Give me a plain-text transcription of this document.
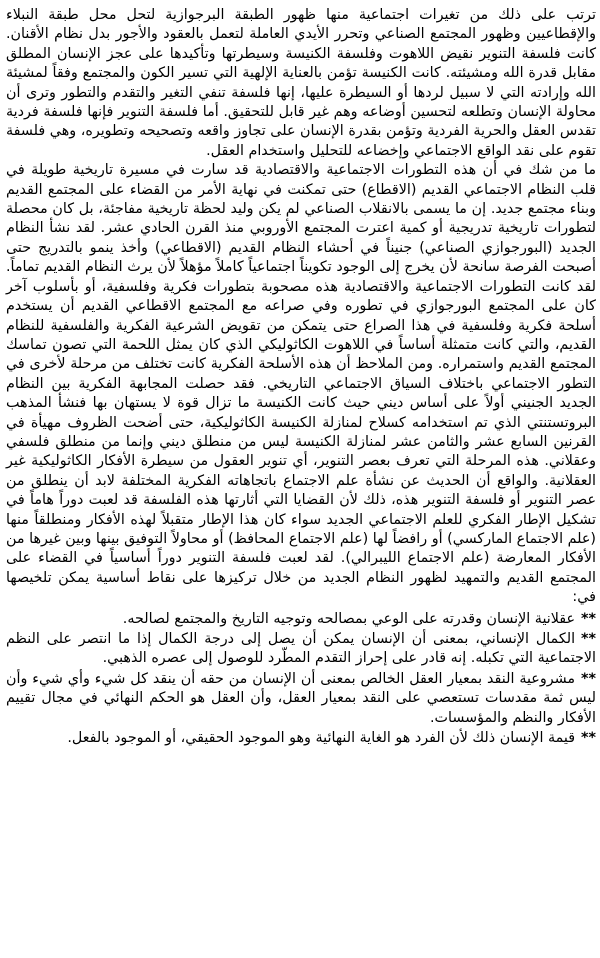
ترتب على ذلك من تغيرات اجتماعية منها ظهور الطبقة البرجوازية لتحل محل طبقة النبلاء والإقطاعيين وظهور المجتمع الصناعي وتحرر الأيدي العاملة لتعمل بالعقود والأجور بدل نظام الأقنان. كانت فلسفة التنوير نقيض اللاهوت وفلسفة الكنيسة وسيطرتها وتأكيدها على عجز الإنسان المطلق مقابل قدرة الله ومشيئته. كانت الكنيسة تؤمن بالعناية الإلهية التي تسير الكون والمجتمع وفقاً لمشيئة الله وإرادته التي لا سبيل لردها أو السيطرة عليها، إنها فلسفة تنفي التغير والتقدم والتطور وترى أن محاولة الإنسان وتطلعه لتحسين أوضاعه وهم غير قابل للتحقيق. أما فلسفة التنوير فإنها فلسفة فردية تقدس العقل والحرية الفردية وتؤمن بقدرة الإنسان على تجاوز واقعه وتصحيحه وتطويره، وهي فلسفة تقوم على نقد الواقع الاجتماعي وإخضاعه للتحليل واستخدام العقل.

ما من شك في أن هذه التطورات الاجتماعية والاقتصادية قد سارت في مسيرة تاريخية طويلة في قلب النظام الاجتماعي القديم (الاقطاع) حتى تمكنت في نهاية الأمر من القضاء على المجتمع القديم وبناء مجتمع جديد. إن ما يسمى بالانقلاب الصناعي لم يكن وليد لحظة تاريخية مفاجئة، بل كان محصلة لتطورات تاريخية تدريجية أو كمية اعترت المجتمع الأوروبي منذ القرن الحادي عشر. لقد نشأ النظام الجديد (البورجوازي الصناعي) جنيناً في أحشاء النظام القديم (الاقطاعي) وأخذ ينمو بالتدريج حتى أصبحت الفرصة سانحة لأن يخرج إلى الوجود تكويناً اجتماعياً كاملاً مؤهلاً لأن يرث النظام القديم تماماً. لقد كانت التطورات الاجتماعية والاقتصادية هذه مصحوبة بتطورات فكرية وفلسفية، أو بأسلوب آخر كان على المجتمع البورجوازي في تطوره وفي صراعه مع المجتمع الاقطاعي القديم أن يستخدم أسلحة فكرية وفلسفية في هذا الصراع حتى يتمكن من تقويض الشرعية الفكرية والفلسفية للنظام القديم، والتي كانت متمثلة أساساً في اللاهوت الكاثوليكي الذي كان يمثل اللحمة التي تصون تماسك المجتمع القديم واستمراره. ومن الملاحظ أن هذه الأسلحة الفكرية كانت تختلف من مرحلة لأخرى في التطور الاجتماعي باختلاف السياق الاجتماعي التاريخي. فقد حصلت المجابهة الفكرية بين النظام الجديد الجنيني أولاً على أساس ديني حيث كانت الكنيسة ما تزال قوة لا يستهان بها فنشأ المذهب البروتستنتي الذي تم استخدامه كسلاح لمنازلة الكنيسة الكاثوليكية، حتى أضحت الظروف مهيأة في القرنين السابع عشر والثامن عشر لمنازلة الكنيسة ليس من منطلق ديني وإنما من منطلق فلسفي وعقلاني. هذه المرحلة التي تعرف بعصر التنوير، أي تنوير العقول من سيطرة الأفكار الكاثوليكية غير العقلانية. والواقع أن الحديث عن نشأة علم الاجتماع باتجاهاته الفكرية المختلفة لابد أن ينطلق من عصر التنوير أو فلسفة التنوير هذه، ذلك لأن القضايا التي أثارتها هذه الفلسفة قد لعبت دوراً هاماً في تشكيل الإطار الفكري للعلم الاجتماعي الجديد سواء كان هذا الإطار متقبلاً لهذه الأفكار ومنطلقاً منها (علم الاجتماع الماركسي) أو رافضاً لها (علم الاجتماع المحافظ) أو محاولاً التوفيق بينها وبين غيرها من الأفكار المعارضة (علم الاجتماع الليبرالي). لقد لعبت فلسفة التنوير دوراً أساسياً في القضاء على المجتمع القديم والتمهيد لظهور النظام الجديد من خلال تركيزها على نقاط أساسية يمكن تلخيصها في:

**عقلانية الإنسان وقدرته على الوعي بمصالحه وتوجيه التاريخ والمجتمع لصالحه.
**الكمال الإنساني، بمعنى أن الإنسان يمكن أن يصل إلى درجة الكمال إذا ما انتصر على النظم الاجتماعية التي تكبله. إنه قادر على إحراز التقدم المطّرد للوصول إلى عصره الذهبي.
**مشروعية النقد بمعيار العقل الخالص بمعنى أن الإنسان من حقه أن ينقد كل شيء وأي شيء وأن ليس ثمة مقدسات تستعصي على النقد بمعيار العقل، وأن العقل هو الحكم النهائي في مجال تقييم الأفكار والنظم والمؤسسات.
**قيمة الإنسان ذلك لأن الفرد هو الغاية النهائية وهو الموجود الحقيقي، أو الموجود بالفعل.
